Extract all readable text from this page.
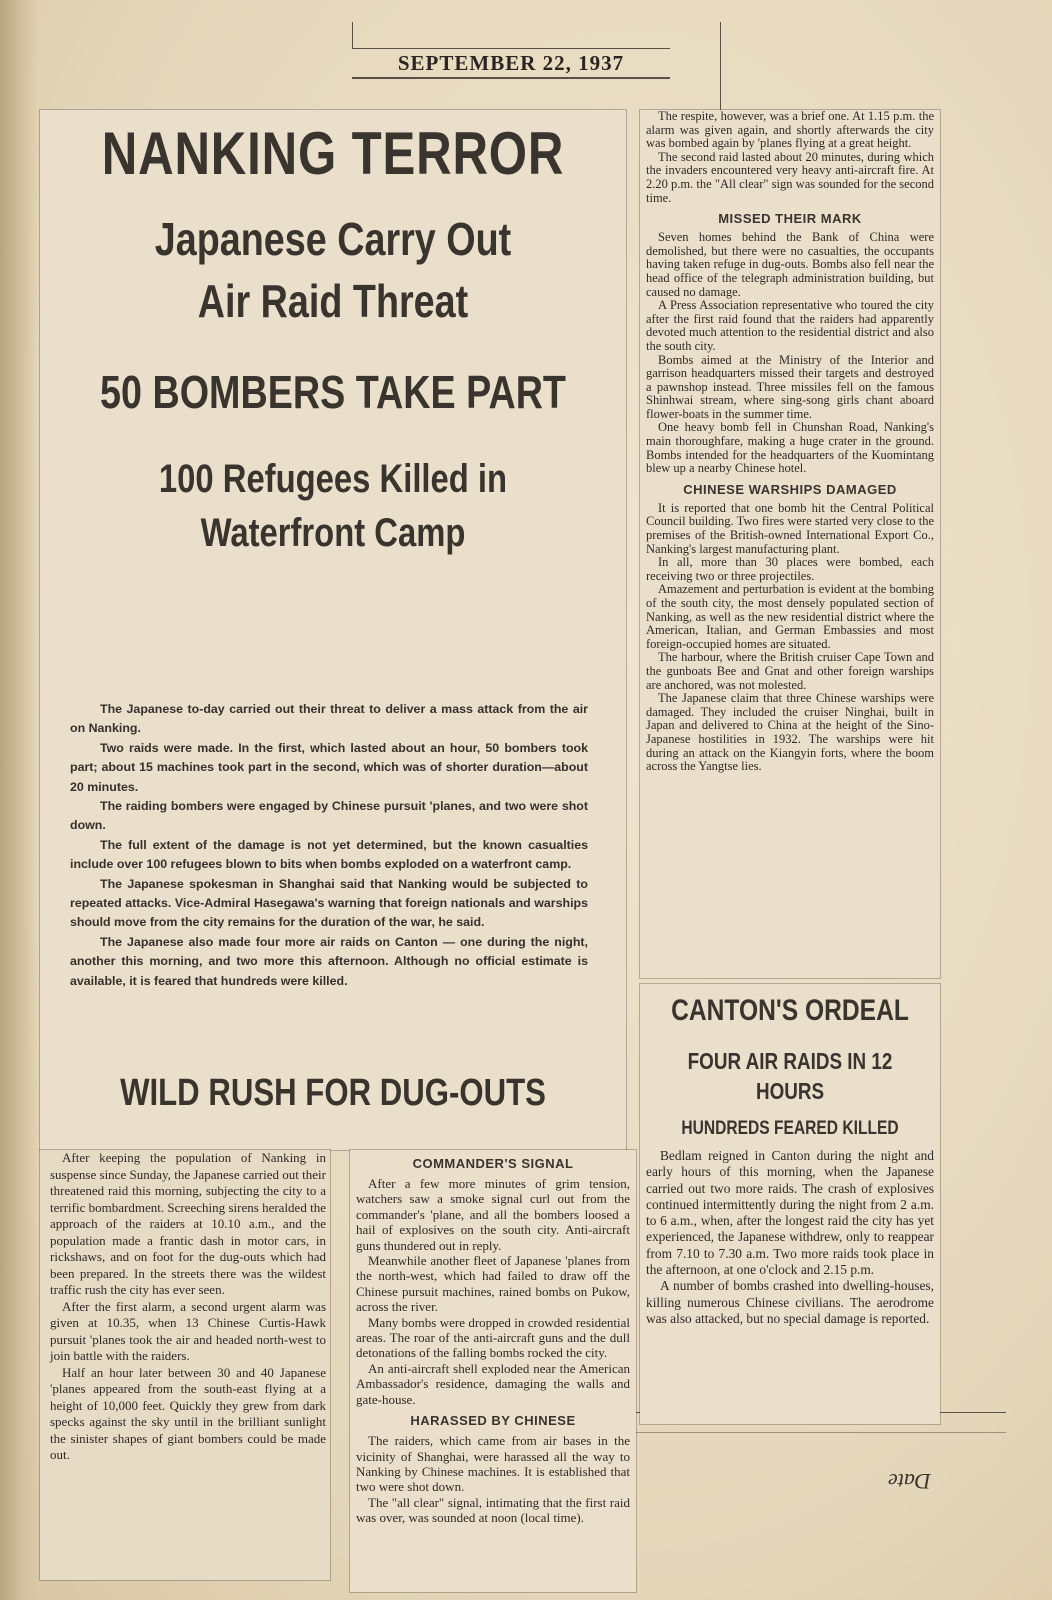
SEPTEMBER 22, 1937
NANKING TERROR
Japanese Carry Out
Air Raid Threat
50 BOMBERS TAKE PART
100 Refugees Killed in
Waterfront Camp

The Japanese to-day carried out their threat to deliver a mass attack from the air on Nanking.

Two raids were made. In the first, which lasted about an hour, 50 bombers took part; about 15 machines took part in the second, which was of shorter duration—about 20 minutes.

The raiding bombers were engaged by Chinese pursuit 'planes, and two were shot down.

The full extent of the damage is not yet determined, but the known casualties include over 100 refugees blown to bits when bombs exploded on a waterfront camp.

The Japanese spokesman in Shanghai said that Nanking would be subjected to repeated attacks. Vice-Admiral Hasegawa's warning that foreign nationals and warships should move from the city remains for the duration of the war, he said.

The Japanese also made four more air raids on Canton — one during the night, another this morning, and two more this afternoon. Although no official estimate is available, it is feared that hundreds were killed.

WILD RUSH FOR DUG-OUTS

After keeping the population of Nanking in suspense since Sunday, the Japanese carried out their threatened raid this morning, subjecting the city to a terrific bombardment. Screeching sirens heralded the approach of the raiders at 10.10 a.m., and the population made a frantic dash in motor cars, in rickshaws, and on foot for the dug-outs which had been prepared. In the streets there was the wildest traffic rush the city has ever seen.

After the first alarm, a second urgent alarm was given at 10.35, when 13 Chinese Curtis-Hawk pursuit 'planes took the air and headed north-west to join battle with the raiders.

Half an hour later between 30 and 40 Japanese 'planes appeared from the south-east flying at a height of 10,000 feet. Quickly they grew from dark specks against the sky until in the brilliant sunlight the sinister shapes of giant bombers could be made out.

COMMANDER'S SIGNAL

After a few more minutes of grim tension, watchers saw a smoke signal curl out from the commander's 'plane, and all the bombers loosed a hail of explosives on the south city. Anti-aircraft guns thundered out in reply.

Meanwhile another fleet of Japanese 'planes from the north-west, which had failed to draw off the Chinese pursuit machines, rained bombs on Pukow, across the river.

Many bombs were dropped in crowded residential areas. The roar of the anti-aircraft guns and the dull detonations of the falling bombs rocked the city.

An anti-aircraft shell exploded near the American Ambassador's residence, damaging the walls and gate-house.

HARASSED BY CHINESE

The raiders, which came from air bases in the vicinity of Shanghai, were harassed all the way to Nanking by Chinese machines. It is established that two were shot down.

The "all clear" signal, intimating that the first raid was over, was sounded at noon (local time).

The respite, however, was a brief one. At 1.15 p.m. the alarm was given again, and shortly afterwards the city was bombed again by 'planes flying at a great height.

The second raid lasted about 20 minutes, during which the invaders encountered very heavy anti-aircraft fire. At 2.20 p.m. the "All clear" sign was sounded for the second time.

MISSED THEIR MARK

Seven homes behind the Bank of China were demolished, but there were no casualties, the occupants having taken refuge in dug-outs. Bombs also fell near the head office of the telegraph administration building, but caused no damage.

A Press Association representative who toured the city after the first raid found that the raiders had apparently devoted much attention to the residential district and also the south city.

Bombs aimed at the Ministry of the Interior and garrison headquarters missed their targets and destroyed a pawnshop instead. Three missiles fell on the famous Shinhwai stream, where sing-song girls chant aboard flower-boats in the summer time.

One heavy bomb fell in Chunshan Road, Nanking's main thoroughfare, making a huge crater in the ground. Bombs intended for the headquarters of the Kuomintang blew up a nearby Chinese hotel.

CHINESE WARSHIPS DAMAGED

It is reported that one bomb hit the Central Political Council building. Two fires were started very close to the premises of the British-owned International Export Co., Nanking's largest manufacturing plant.

In all, more than 30 places were bombed, each receiving two or three projectiles.

Amazement and perturbation is evident at the bombing of the south city, the most densely populated section of Nanking, as well as the new residential district where the American, Italian, and German Embassies and most foreign-occupied homes are situated.

The harbour, where the British cruiser Cape Town and the gunboats Bee and Gnat and other foreign warships are anchored, was not molested.

The Japanese claim that three Chinese warships were damaged. They included the cruiser Ninghai, built in Japan and delivered to China at the height of the Sino-Japanese hostilities in 1932. The warships were hit during an attack on the Kiangyin forts, where the boom across the Yangtse lies.

CANTON'S ORDEAL
FOUR AIR RAIDS IN 12
HOURS
HUNDREDS FEARED KILLED

Bedlam reigned in Canton during the night and early hours of this morning, when the Japanese carried out two more raids. The crash of explosives continued intermittently during the night from 2 a.m. to 6 a.m., when, after the longest raid the city has yet experienced, the Japanese withdrew, only to reappear from 7.10 to 7.30 a.m. Two more raids took place in the afternoon, at one o'clock and 2.15 p.m.

A number of bombs crashed into dwelling-houses, killing numerous Chinese civilians. The aerodrome was also attacked, but no special damage is reported.

Date
